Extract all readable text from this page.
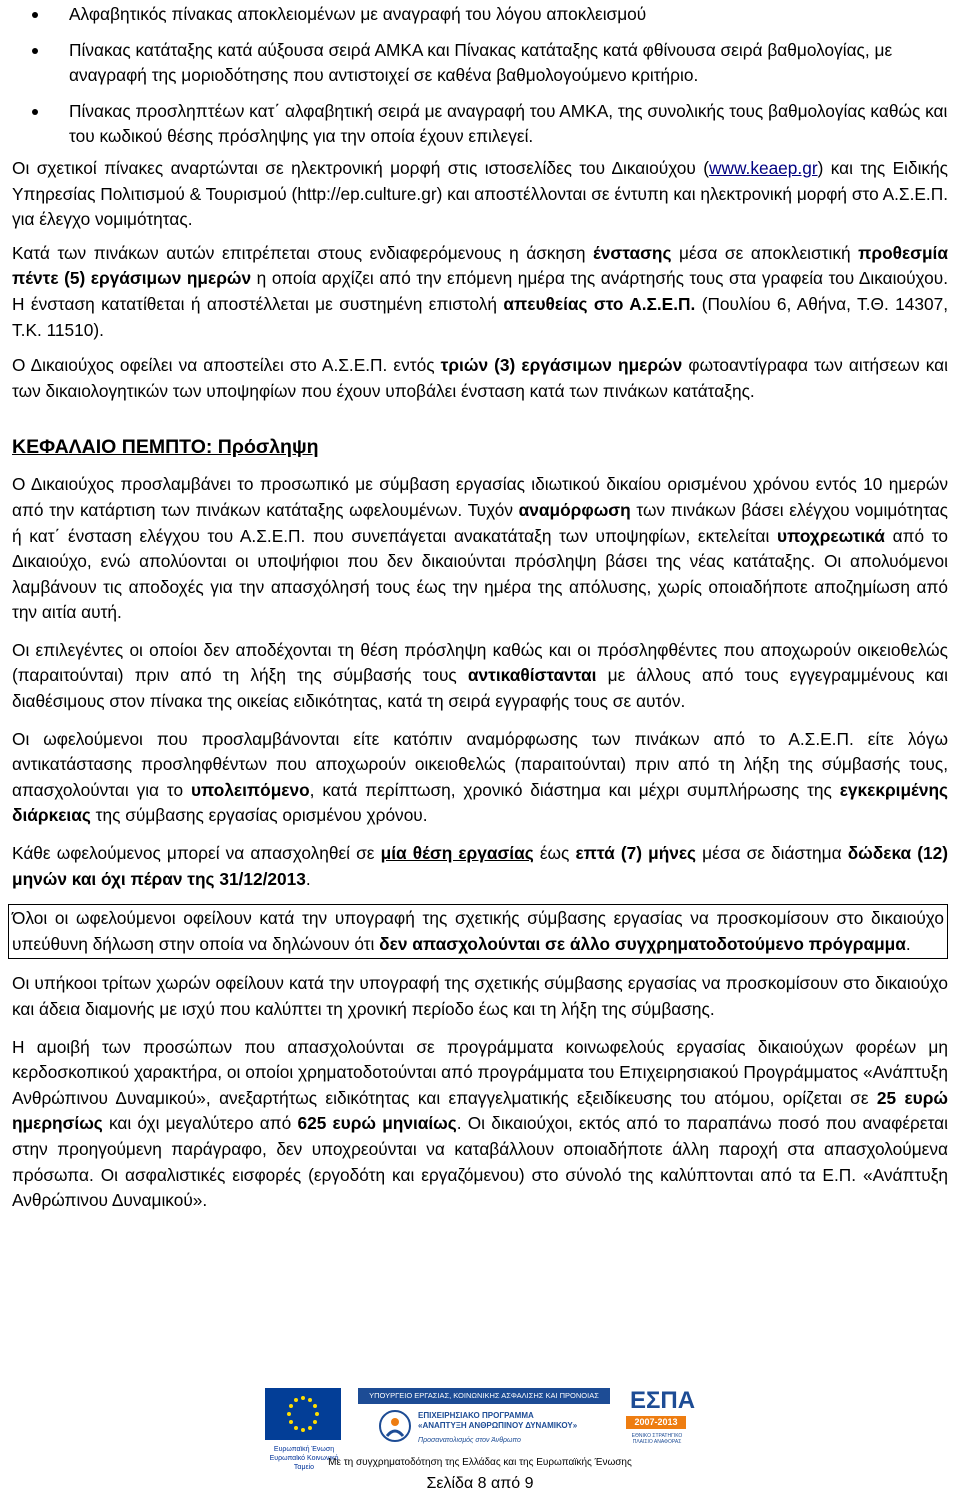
Αλφαβητικός πίνακας αποκλειομένων με αναγραφή του λόγου αποκλεισμού
Πίνακας κατάταξης κατά αύξουσα σειρά ΑΜΚΑ και Πίνακας κατάταξης κατά φθίνουσα σειρά βαθμολογίας, με αναγραφή της μοριοδότησης που αντιστοιχεί σε καθένα βαθμολογούμενο κριτήριο.
Πίνακας προσληπτέων κατ΄ αλφαβητική σειρά με αναγραφή του ΑΜΚΑ, της συνολικής τους βαθμολογίας καθώς και του κωδικού θέσης πρόσληψης για την οποία έχουν επιλεγεί.

Οι σχετικοί πίνακες αναρτώνται σε ηλεκτρονική μορφή στις ιστοσελίδες του Δικαιούχου (www.keaep.gr) και της Ειδικής Υπηρεσίας Πολιτισμού & Τουρισμού (http://ep.culture.gr) και αποστέλλονται σε έντυπη και ηλεκτρονική μορφή στο Α.Σ.Ε.Π. για έλεγχο νομιμότητας.

Κατά των πινάκων αυτών επιτρέπεται στους ενδιαφερόμενους η άσκηση ένστασης μέσα σε αποκλειστική προθεσμία πέντε (5) εργάσιμων ημερών η οποία αρχίζει από την επόμενη ημέρα της ανάρτησής τους στα γραφεία του Δικαιούχου. Η ένσταση κατατίθεται ή αποστέλλεται με συστημένη επιστολή απευθείας στο Α.Σ.Ε.Π. (Πουλίου 6, Αθήνα, Τ.Θ. 14307, Τ.Κ. 11510).

Ο Δικαιούχος οφείλει να αποστείλει στο Α.Σ.Ε.Π. εντός τριών (3) εργάσιμων ημερών φωτοαντίγραφα των αιτήσεων και των δικαιολογητικών των υποψηφίων που έχουν υποβάλει ένσταση κατά των πινάκων κατάταξης.

ΚΕΦΑΛΑΙΟ ΠΕΜΠΤΟ: Πρόσληψη

Ο Δικαιούχος προσλαμβάνει το προσωπικό με σύμβαση εργασίας ιδιωτικού δικαίου ορισμένου χρόνου εντός 10 ημερών από την κατάρτιση των πινάκων κατάταξης ωφελουμένων. Τυχόν αναμόρφωση των πινάκων βάσει ελέγχου νομιμότητας ή κατ΄ ένσταση ελέγχου του Α.Σ.Ε.Π. που συνεπάγεται ανακατάταξη των υποψηφίων, εκτελείται υποχρεωτικά από το Δικαιούχο, ενώ απολύονται οι υποψήφιοι που δεν δικαιούνται πρόσληψη βάσει της νέας κατάταξης. Οι απολυόμενοι λαμβάνουν τις αποδοχές για την απασχόλησή τους έως την ημέρα της απόλυσης, χωρίς οποιαδήποτε αποζημίωση από την αιτία αυτή.

Οι επιλεγέντες οι οποίοι δεν αποδέχονται τη θέση πρόσληψη καθώς και οι πρόσληφθέντες που αποχωρούν οικειοθελώς (παραιτούνται) πριν από τη λήξη της σύμβασής τους αντικαθίστανται με άλλους από τους εγγεγραμμένους και διαθέσιμους στον πίνακα της οικείας ειδικότητας, κατά τη σειρά εγγραφής τους σε αυτόν.

Οι ωφελούμενοι που προσλαμβάνονται είτε κατόπιν αναμόρφωσης των πινάκων από το Α.Σ.Ε.Π. είτε λόγω αντικατάστασης προσληφθέντων που αποχωρούν οικειοθελώς (παραιτούνται) πριν από τη λήξη της σύμβασής τους, απασχολούνται για το υπολειπόμενο, κατά περίπτωση, χρονικό διάστημα και μέχρι συμπλήρωσης της εγκεκριμένης διάρκειας της σύμβασης εργασίας ορισμένου χρόνου.

Κάθε ωφελούμενος μπορεί να απασχοληθεί σε μία θέση εργασίας έως επτά (7) μήνες μέσα σε διάστημα δώδεκα (12) μηνών και όχι πέραν της 31/12/2013.

Όλοι οι ωφελούμενοι οφείλουν κατά την υπογραφή της σχετικής σύμβασης εργασίας να προσκομίσουν στο δικαιούχο υπεύθυνη δήλωση στην οποία να δηλώνουν ότι δεν απασχολούνται σε άλλο συγχρηματοδοτούμενο πρόγραμμα.

Οι υπήκοοι τρίτων χωρών οφείλουν κατά την υπογραφή της σχετικής σύμβασης εργασίας να προσκομίσουν στο δικαιούχο και άδεια διαμονής με ισχύ που καλύπτει τη χρονική περίοδο έως και τη λήξη της σύμβασης.

Η αμοιβή των προσώπων που απασχολούνται σε προγράμματα κοινωφελούς εργασίας δικαιούχων φορέων μη κερδοσκοπικού χαρακτήρα, οι οποίοι χρηματοδοτούνται από προγράμματα του Επιχειρησιακού Προγράμματος «Ανάπτυξη Ανθρώπινου Δυναμικού», ανεξαρτήτως ειδικότητας και επαγγελματικής εξειδίκευσης του ατόμου, ορίζεται σε 25 ευρώ ημερησίως και όχι μεγαλύτερο από 625 ευρώ μηνιαίως. Οι δικαιούχοι, εκτός από το παραπάνω ποσό που αναφέρεται στην προηγούμενη παράγραφο, δεν υποχρεούνται να καταβάλλουν οποιαδήποτε άλλη παροχή στα απασχολούμενα πρόσωπα. Οι ασφαλιστικές εισφορές (εργοδότη και εργαζόμενου) στο σύνολό της καλύπτονται από τα Ε.Π. «Ανάπτυξη Ανθρώπινου Δυναμικού».

Ευρωπαϊκή Ένωση Ευρωπαϊκό Κοινωνικό Ταμείο
ΥΠΟΥΡΓΕΙΟ ΕΡΓΑΣΙΑΣ, ΚΟΙΝΩΝΙΚΗΣ ΑΣΦΑΛΙΣΗΣ ΚΑΙ ΠΡΟΝΟΙΑΣ
ΕΠΙΧΕΙΡΗΣΙΑΚΟ ΠΡΟΓΡΑΜΜΑ
«ΑΝΑΠΤΥΞΗ ΑΝΘΡΩΠΙΝΟΥ ΔΥΝΑΜΙΚΟΥ»
Προσανατολισμός στον Άνθρωπο
ΕΣΠΑ
2007-2013
ΕΘΝΙΚΟ ΣΤΡΑΤΗΓΙΚΟ ΠΛΑΙΣΙΟ ΑΝΑΦΟΡΑΣ
Με τη συγχρηματοδότηση της Ελλάδας και της Ευρωπαϊκής Ένωσης
Σελίδα 8 από 9
